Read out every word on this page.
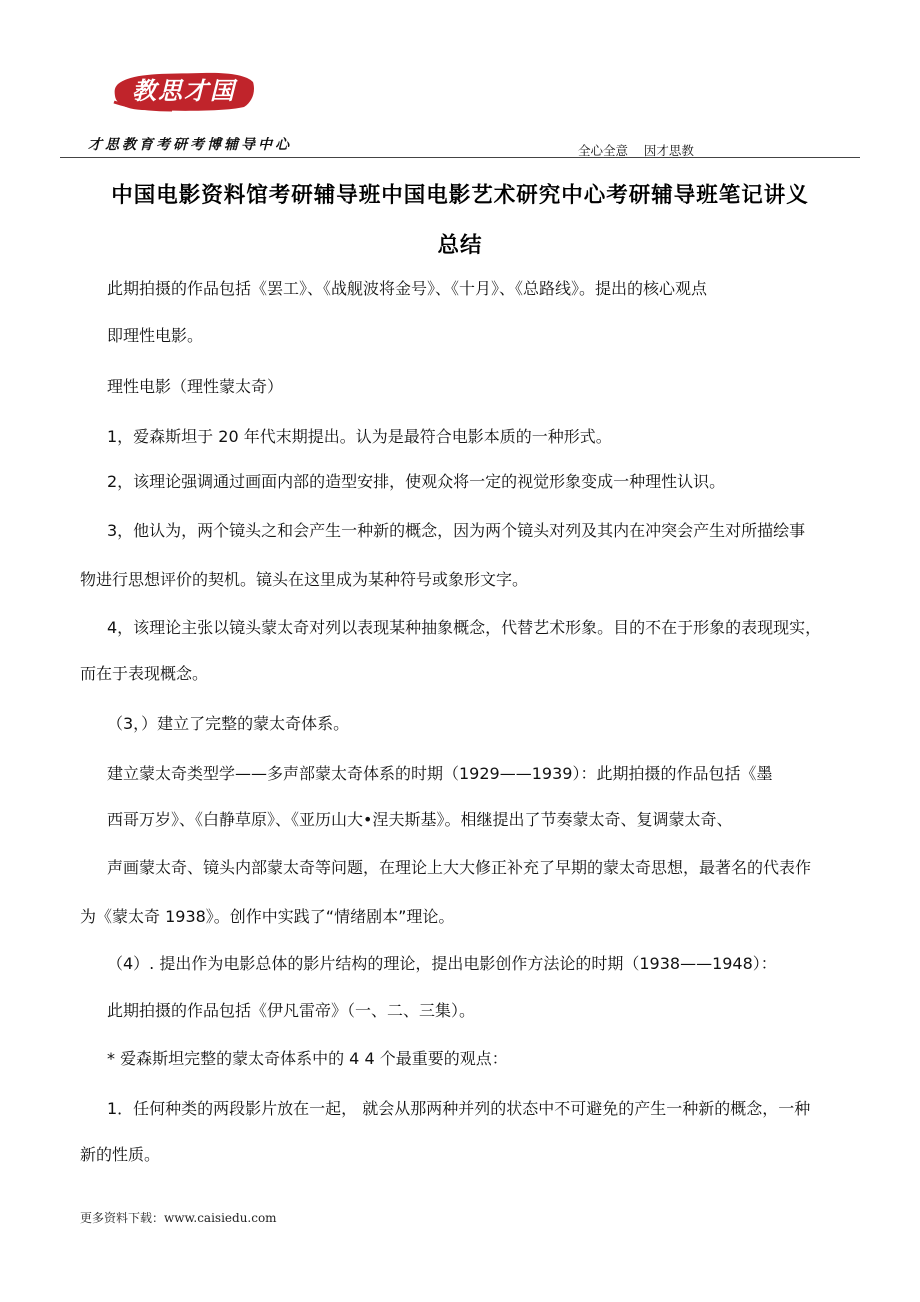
教思才国
才思教育考研考博辅导中心	全心全意    因才思教
中国电影资料馆考研辅导班中国电影艺术研究中心考研辅导班笔记讲义
总结
此期拍摄的作品包括《罢工》、《战舰波将金号》、《十月》、《总路线》。提出的核心观点
即理性电影。
理性电影（理性蒙太奇）
1，爱森斯坦于 20 年代末期提出。认为是最符合电影本质的一种形式。
2，该理论强调通过画面内部的造型安排，使观众将一定的视觉形象变成一种理性认识。
3，他认为，两个镜头之和会产生一种新的概念，因为两个镜头对列及其内在冲突会产生对所描绘事
物进行思想评价的契机。镜头在这里成为某种符号或象形文字。
4，该理论主张以镜头蒙太奇对列以表现某种抽象概念，代替艺术形象。目的不在于形象的表现现实，
而在于表现概念。
（3，）建立了完整的蒙太奇体系。
建立蒙太奇类型学——多声部蒙太奇体系的时期（1929——1939）：此期拍摄的作品包括《墨
西哥万岁》、《白静草原》、《亚历山大•涅夫斯基》。相继提出了节奏蒙太奇、复调蒙太奇、
声画蒙太奇、镜头内部蒙太奇等问题，在理论上大大修正补充了早期的蒙太奇思想，最著名的代表作
为《蒙太奇 1938》。创作中实践了“情绪剧本”理论。
（4）. 提出作为电影总体的影片结构的理论，提出电影创作方法论的时期（1938——1948）：
此期拍摄的作品包括《伊凡雷帝》（一、二、三集）。
* 爱森斯坦完整的蒙太奇体系中的 4 4 个最重要的观点：
1．任何种类的两段影片放在一起， 就会从那两种并列的状态中不可避免的产生一种新的概念，一种
新的性质。
更多资料下载：www.caisiedu.com
